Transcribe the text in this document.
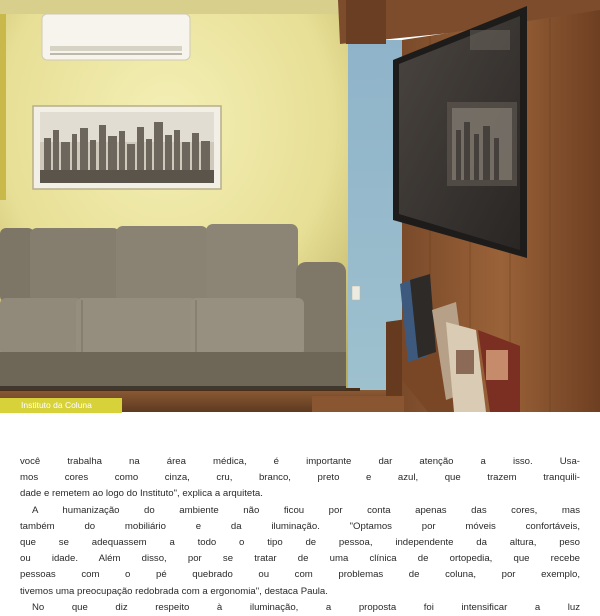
Instituto da Coluna

você trabalha na área médica, é importante dar atenção a isso. Usa-

mos cores como cinza, cru, branco, preto e azul, que trazem tranquili-

dade e remetem ao logo do Instituto", explica a arquiteta.

A humanização do ambiente não ficou por conta apenas das cores, mas

também do mobiliário e da iluminação. "Optamos por móveis confortáveis,

que se adequassem a todo o tipo de pessoa, independente da altura, peso

ou idade. Além disso, por se tratar de uma clínica de ortopedia, que recebe

pessoas com o pé quebrado ou com problemas de coluna, por exemplo,

tivemos uma preocupação redobrada com a ergonomia", destaca Paula.

No que diz respeito à iluminação, a proposta foi intensificar a luz
